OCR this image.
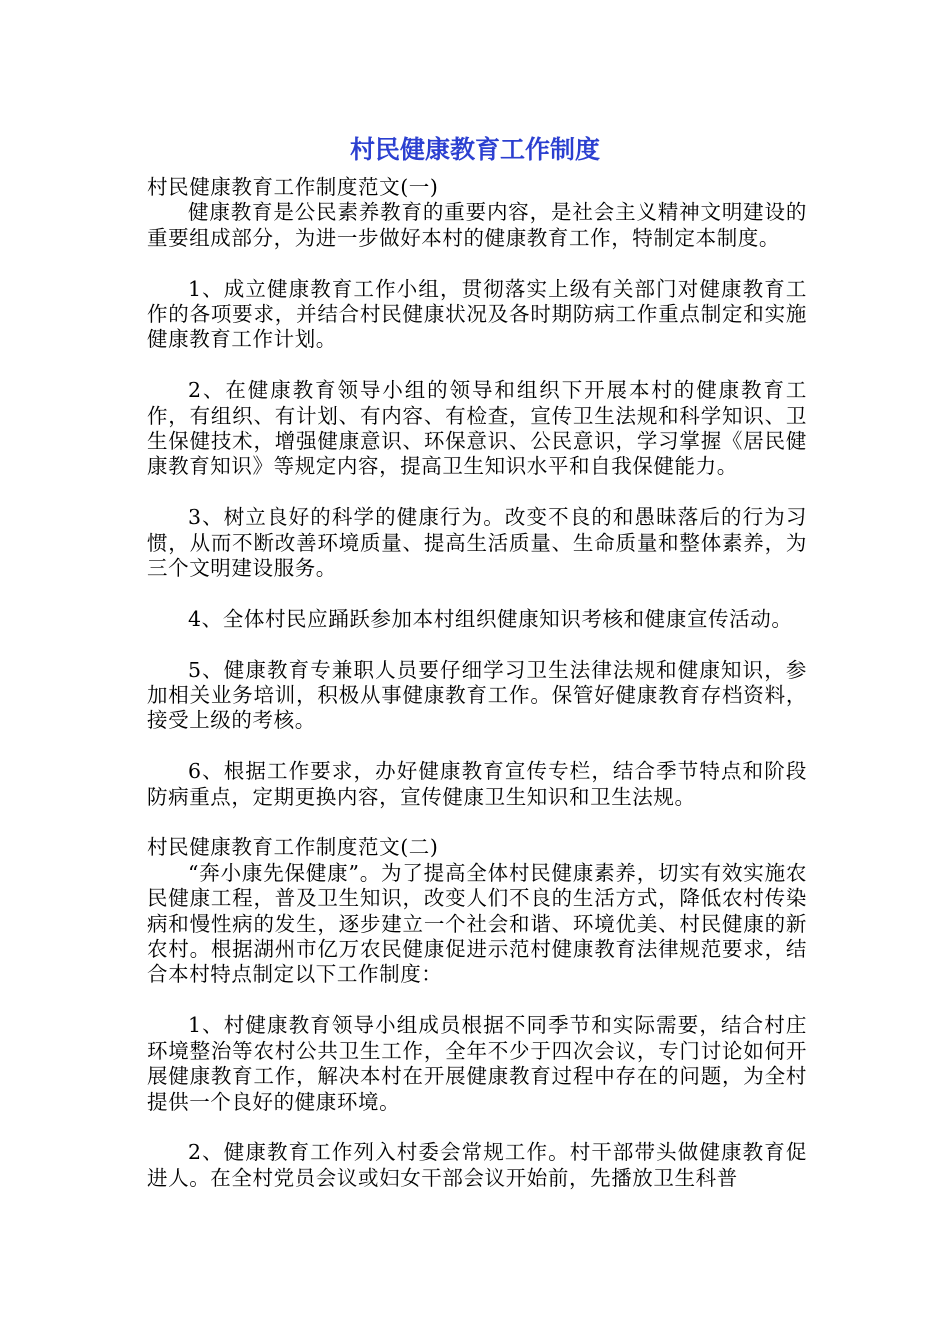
村民健康教育工作制度

村民健康教育工作制度范文(一)

健康教育是公民素养教育的重要内容，是社会主义精神文明建设的重要组成部分，为进一步做好本村的健康教育工作，特制定本制度。

1、成立健康教育工作小组，贯彻落实上级有关部门对健康教育工作的各项要求，并结合村民健康状况及各时期防病工作重点制定和实施健康教育工作计划。

2、在健康教育领导小组的领导和组织下开展本村的健康教育工作，有组织、有计划、有内容、有检查，宣传卫生法规和科学知识、卫生保健技术，增强健康意识、环保意识、公民意识，学习掌握《居民健康教育知识》等规定内容，提高卫生知识水平和自我保健能力。

3、树立良好的科学的健康行为。改变不良的和愚昧落后的行为习惯，从而不断改善环境质量、提高生活质量、生命质量和整体素养，为三个文明建设服务。

4、全体村民应踊跃参加本村组织健康知识考核和健康宣传活动。

5、健康教育专兼职人员要仔细学习卫生法律法规和健康知识，参加相关业务培训，积极从事健康教育工作。保管好健康教育存档资料，接受上级的考核。

6、根据工作要求，办好健康教育宣传专栏，结合季节特点和阶段防病重点，定期更换内容，宣传健康卫生知识和卫生法规。

村民健康教育工作制度范文(二)

“奔小康先保健康”。为了提高全体村民健康素养，切实有效实施农民健康工程，普及卫生知识，改变人们不良的生活方式，降低农村传染病和慢性病的发生，逐步建立一个社会和谐、环境优美、村民健康的新农村。根据湖州市亿万农民健康促进示范村健康教育法律规范要求，结合本村特点制定以下工作制度：

1、村健康教育领导小组成员根据不同季节和实际需要，结合村庄环境整治等农村公共卫生工作，全年不少于四次会议，专门讨论如何开展健康教育工作，解决本村在开展健康教育过程中存在的问题，为全村提供一个良好的健康环境。

2、健康教育工作列入村委会常规工作。村干部带头做健康教育促进人。在全村党员会议或妇女干部会议开始前，先播放卫生科普
